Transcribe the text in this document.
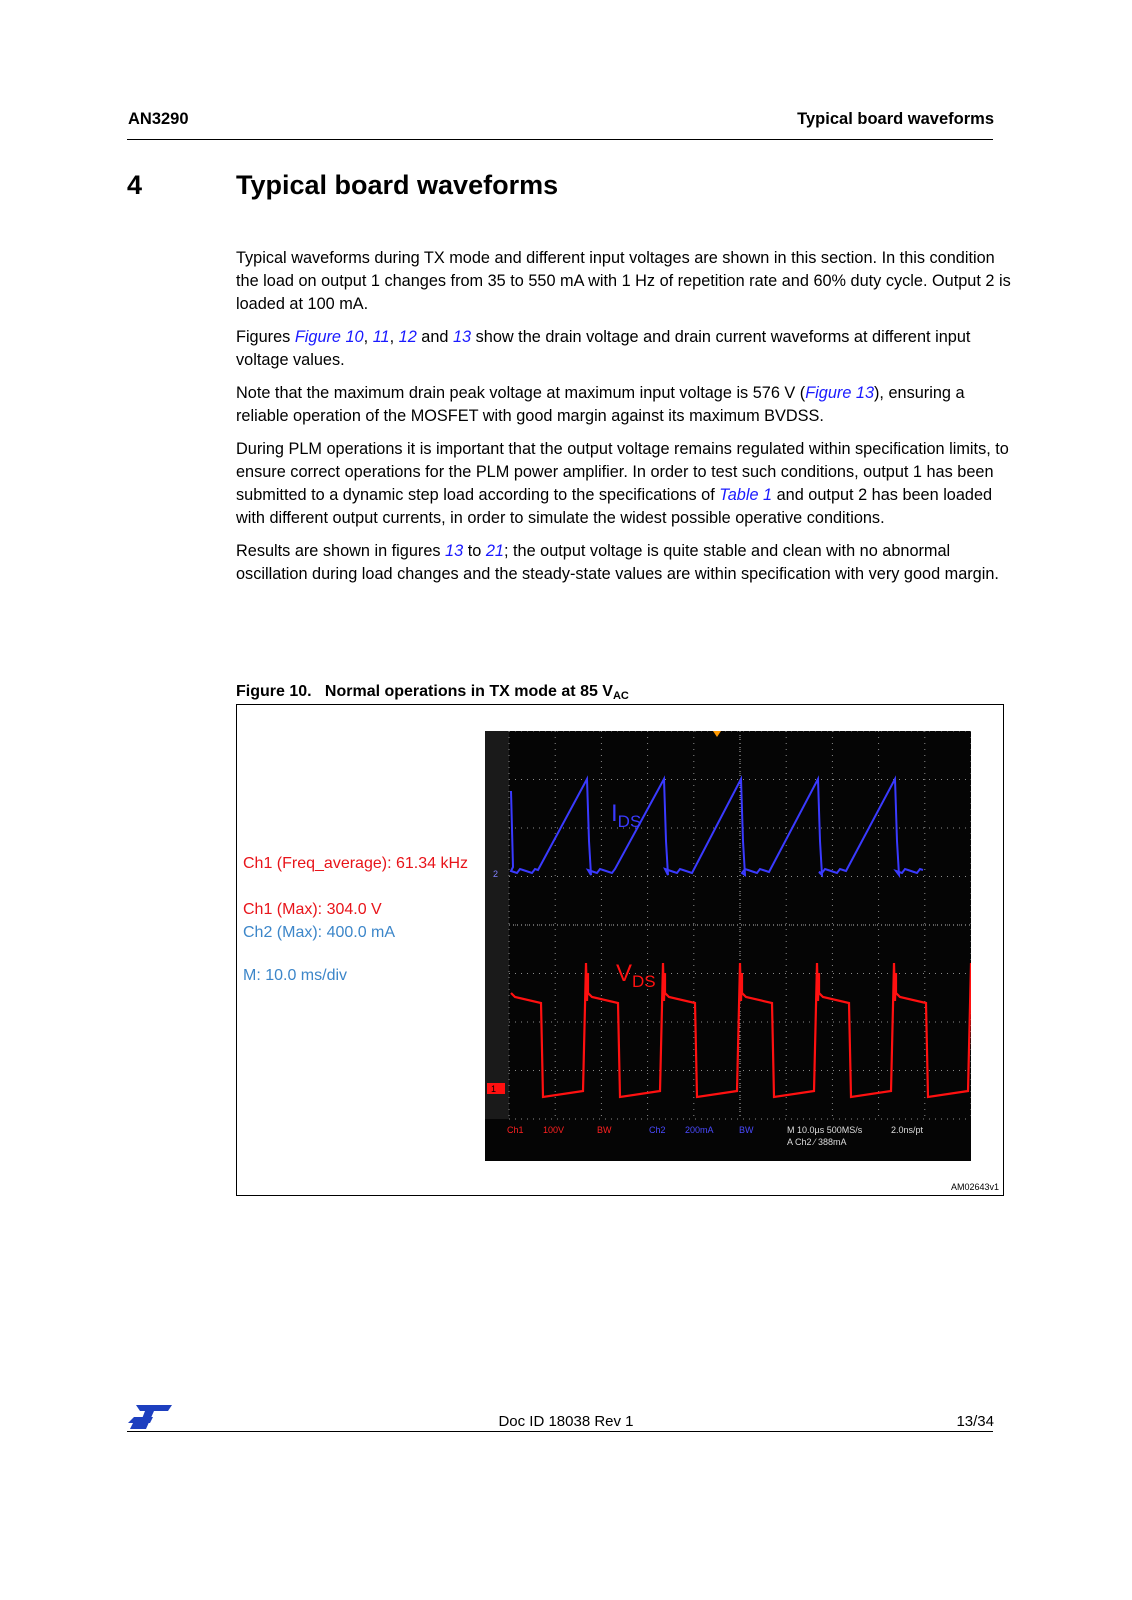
AN3290	Typical board waveforms
4	Typical board waveforms

Typical waveforms during TX mode and different input voltages are shown in this section. In this condition the load on output 1 changes from 35 to 550 mA with 1 Hz of repetition rate and 60% duty cycle. Output 2 is loaded at 100 mA.

Figures Figure 10, 11, 12 and 13 show the drain voltage and drain current waveforms at different input voltage values.

Note that the maximum drain peak voltage at maximum input voltage is 576 V (Figure 13), ensuring a reliable operation of the MOSFET with good margin against its maximum BVDSS.

During PLM operations it is important that the output voltage remains regulated within specification limits, to ensure correct operations for the PLM power amplifier. In order to test such conditions, output 1 has been submitted to a dynamic step load according to the specifications of Table 1 and output 2 has been loaded with different output currents, in order to simulate the widest possible operative conditions.

Results are shown in figures 13 to 21; the output voltage is quite stable and clean with no abnormal oscillation during load changes and the steady-state values are within specification with very good margin.

Figure 10.   Normal operations in TX mode at 85 $V_{AC}$
Ch1 (Freq_average): 61.34 kHz
Ch1 (Max): 304.0 V
Ch2 (Max): 400.0 mA
M: 10.0 ms/div
$I_{DS}$
$V_{DS}$
2
1
Ch1 100V	BW	Ch2 200mA	BW	M 10.0µs 500MS/s	2.0ns/pt
A Ch2 ⁄ 388mA
AM02643v1
Doc ID 18038 Rev 1	13/34
